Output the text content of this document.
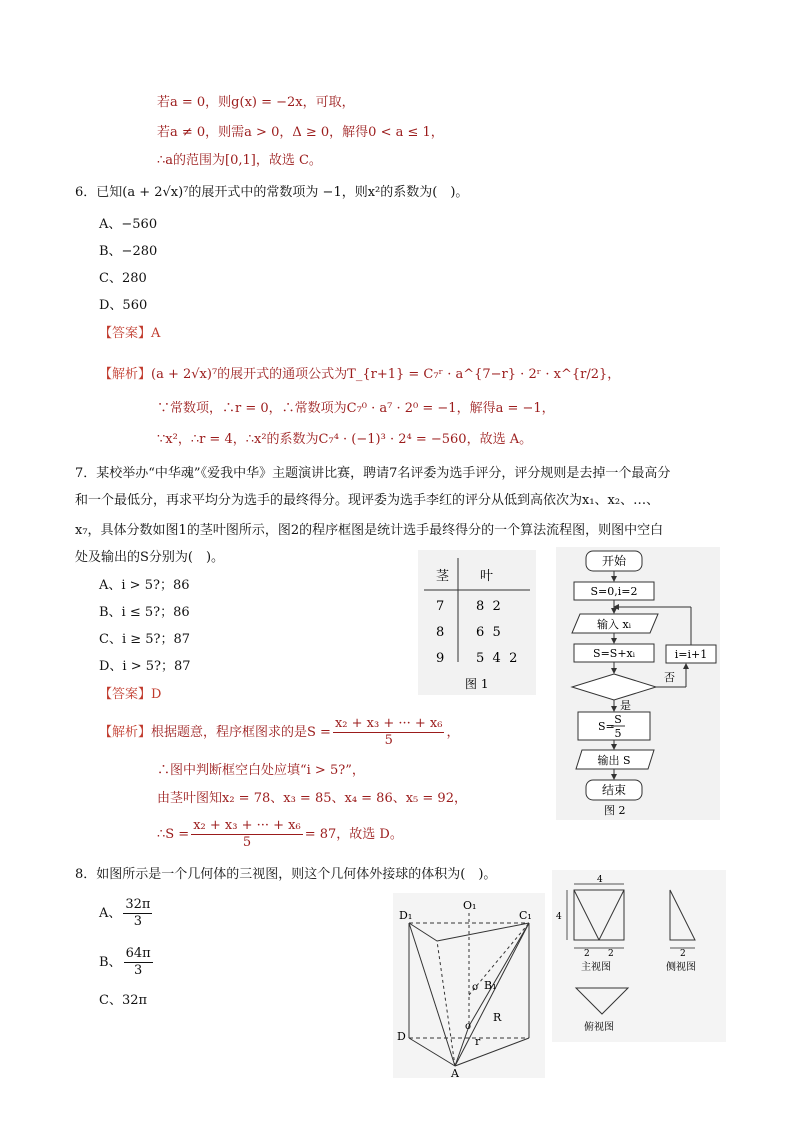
若a = 0，则g(x) = −2x，可取，
若a ≠ 0，则需a > 0，Δ ≥ 0，解得0 < a ≤ 1，
∴a的范围为[0,1]，故选 C。
6．已知(a + 2√x)⁷的展开式中的常数项为 −1，则x²的系数为(　)。
A、−560
B、−280
C、280
D、560
【答案】A
【解析】(a + 2√x)⁷的展开式的通项公式为T_{r+1} = C₇ʳ · a^{7−r} · 2ʳ · x^{r/2}，
∵常数项，∴r = 0，∴常数项为C₇⁰ · a⁷ · 2⁰ = −1，解得a = −1，
∵x²，∴r = 4，∴x²的系数为C₇⁴ · (−1)³ · 2⁴ = −560，故选 A。
7．某校举办“中华魂”《爱我中华》主题演讲比赛，聘请7名评委为选手评分，评分规则是去掉一个最高分
和一个最低分，再求平均分为选手的最终得分。现评委为选手李红的评分从低到高依次为x₁、x₂、…、
x₇，具体分数如图1的茎叶图所示，图2的程序框图是统计选手最终得分的一个算法流程图，则图中空白
处及输出的S分别为(　)。
A、i > 5?；86
B、i ≤ 5?；86
C、i ≥ 5?；87
D、i > 5?；87
【答案】D
【解析】根据题意，程序框图求的是$S = \frac{\text{x₂ + x₃ + ··· + x₆}}{5}$ ，
∴图中判断框空白处应填“i > 5?”，
由茎叶图知x₂ = 78、x₃ = 85、x₄ = 86、x₅ = 92，
∴S = $\frac{\text{x₂ + x₃ + ··· + x₆}}{5} = 87$，故选 D。
茎 叶
7 8  2
8 6  5
9 5  4  2
图 1
开始
S=0,i=2
输入 xᵢ
S=S+xᵢ
否
i=i+1
是
S=
S
5
输出 S
结束
图 2
8．如图所示是一个几何体的三视图，则这个几何体外接球的体积为(　)。
A、 $\frac{32\pi}{3}$
B、 $\frac{64\pi}{3}$
C、32π
D₁
O₁
C₁
B₁
o
R
o
r
D
A
4
4
2 2
主视图
2
侧视图
俯视图
